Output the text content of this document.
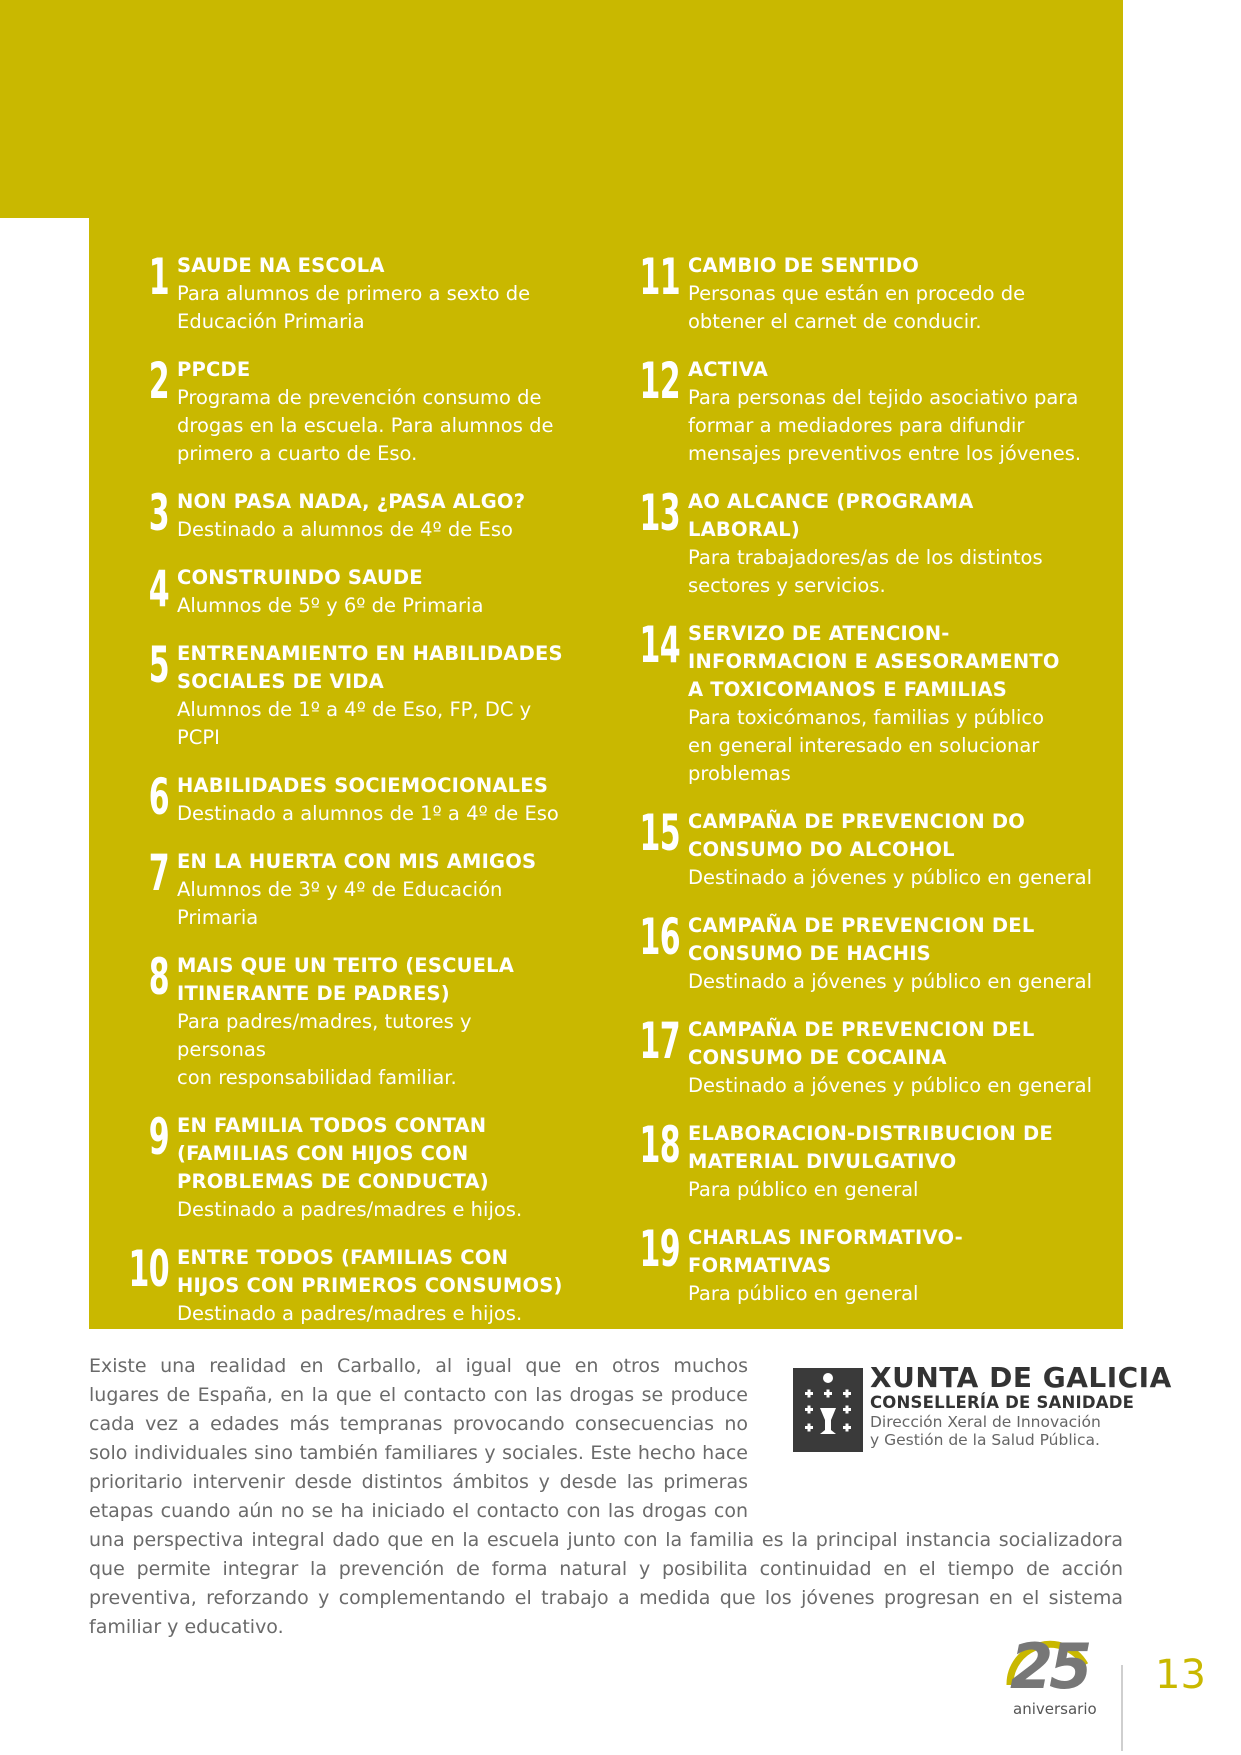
1 SAUDE NA ESCOLA
Para alumnos de primero a sexto de
Educación Primaria
2 PPCDE
Programa de prevención consumo de
drogas en la escuela. Para alumnos de
primero a cuarto de Eso.
3 NON PASA NADA, ¿PASA ALGO?
Destinado a alumnos de 4º de Eso
4 CONSTRUINDO SAUDE
Alumnos de 5º y 6º de Primaria
5 ENTRENAMIENTO EN HABILIDADES SOCIALES DE VIDA
Alumnos de 1º a 4º de Eso, FP, DC y PCPI
6 HABILIDADES SOCIEMOCIONALES
Destinado a alumnos de 1º a 4º de Eso
7 EN LA HUERTA CON MIS AMIGOS
Alumnos de 3º y 4º de Educación
Primaria
8 MAIS QUE UN TEITO (ESCUELA ITINERANTE DE PADRES)
Para padres/madres, tutores y personas
con responsabilidad familiar.
9 EN FAMILIA TODOS CONTAN (FAMILIAS CON HIJOS CON PROBLEMAS DE CONDUCTA)
Destinado a padres/madres e hijos.
10 ENTRE TODOS (FAMILIAS CON HIJOS CON PRIMEROS CONSUMOS)
Destinado a padres/madres e hijos.
11 CAMBIO DE SENTIDO
Personas que están en procedo de
obtener el carnet de conducir.
12 ACTIVA
Para personas del tejido asociativo para
formar a mediadores para difundir
mensajes preventivos entre los jóvenes.
13 AO ALCANCE (PROGRAMA LABORAL)
Para trabajadores/as de los distintos
sectores y servicios.
14 SERVIZO DE ATENCION-INFORMACION E ASESORAMENTO A TOXICOMANOS E FAMILIAS
Para toxicómanos, familias y público
en general interesado en solucionar
problemas
15 CAMPAÑA DE PREVENCION DO CONSUMO DO ALCOHOL
Destinado a jóvenes y público en general
16 CAMPAÑA DE PREVENCION DEL CONSUMO DE HACHIS
Destinado a jóvenes y público en general
17 CAMPAÑA DE PREVENCION DEL CONSUMO DE COCAINA
Destinado a jóvenes y público en general
18 ELABORACION-DISTRIBUCION DE MATERIAL DIVULGATIVO
Para público en general
19 CHARLAS INFORMATIVO-FORMATIVAS
Para público en general
Existe una realidad en Carballo, al igual que en otros muchos lugares de España, en la que el contacto con las drogas se produce cada vez a edades más tempranas provocando consecuencias no solo individuales sino también familiares y sociales. Este hecho hace prioritario intervenir desde distintos ámbitos y desde las primeras etapas cuando aún no se ha iniciado el contacto con las drogas con una perspectiva integral dado que en la escuela junto con la familia es la principal instancia socializadora que permite integrar la prevención de forma natural y posibilita continuidad en el tiempo de acción preventiva, reforzando y complementando el trabajo a medida que los jóvenes progresan en el sistema familiar y educativo.
XUNTA DE GALICIA
CONSELLERÍA DE SANIDADE
Dirección Xeral de Innovación
y Gestión de la Salud Pública.
25
aniversario
13
